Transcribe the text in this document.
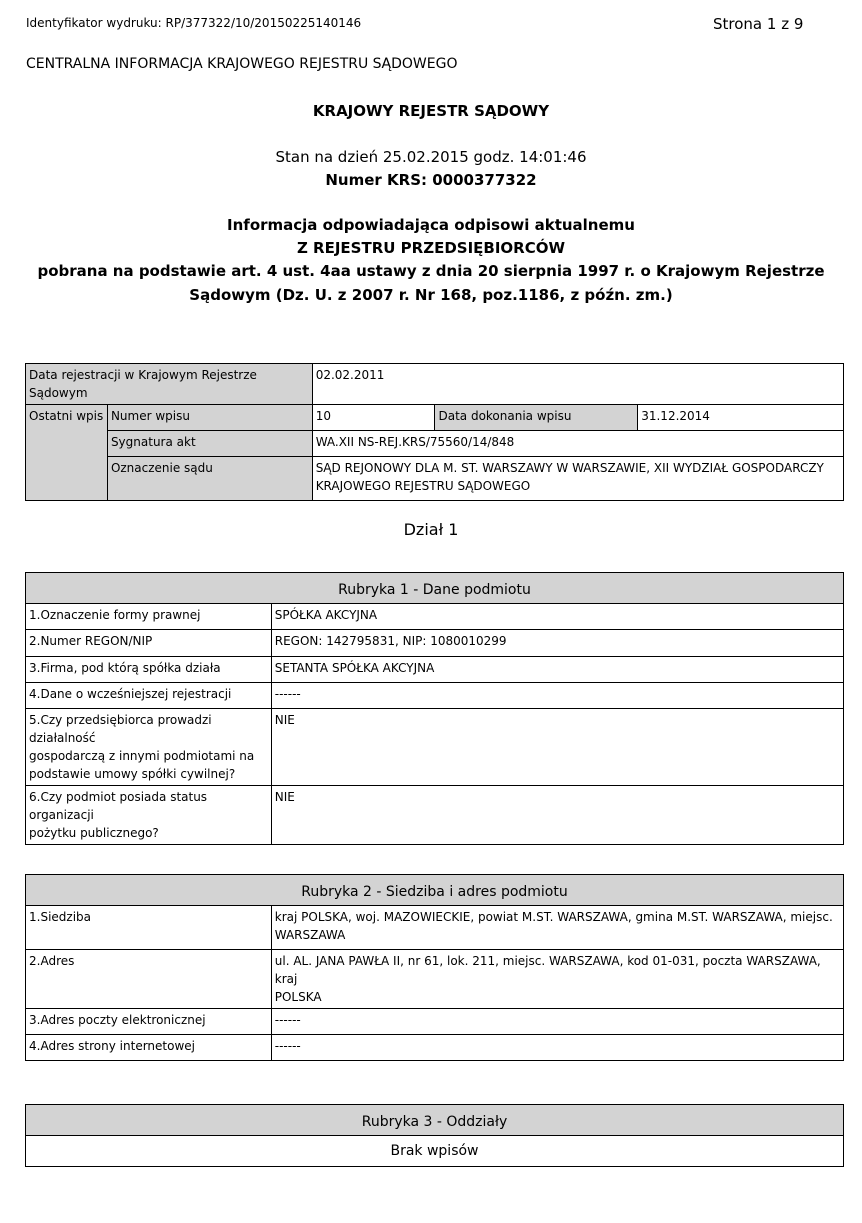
Identyfikator wydruku: RP/377322/10/20150225140146	Strona 1 z 9
CENTRALNA INFORMACJA KRAJOWEGO REJESTRU SĄDOWEGO
KRAJOWY REJESTR SĄDOWY
Stan na dzień 25.02.2015 godz. 14:01:46
Numer KRS: 0000377322
Informacja odpowiadająca odpisowi aktualnemu
Z REJESTRU PRZEDSIĘBIORCÓW
pobrana na podstawie art. 4 ust. 4aa ustawy z dnia 20 sierpnia 1997 r. o Krajowym Rejestrze
Sądowym (Dz. U. z 2007 r. Nr 168, poz.1186, z późn. zm.)
Data rejestracji w Krajowym Rejestrze Sądowym		02.02.2011		
Ostatni wpis	Numer wpisu	10	Data dokonania wpisu	31.12.2014
	Sygnatura akt	WA.XII NS-REJ.KRS/75560/14/848		
	Oznaczenie sądu	SĄD REJONOWY DLA M. ST. WARSZAWY W WARSZAWIE, XII WYDZIAŁ GOSPODARCZY
KRAJOWEGO REJESTRU SĄDOWEGO		
Dział 1
Rubryka 1 - Dane podmiotu	
1.Oznaczenie formy prawnej	SPÓŁKA AKCYJNA
2.Numer REGON/NIP	REGON: 142795831, NIP: 1080010299
3.Firma, pod którą spółka działa	SETANTA SPÓŁKA AKCYJNA
4.Dane o wcześniejszej rejestracji	------
5.Czy przedsiębiorca prowadzi działalność
gospodarczą z innymi podmiotami na
podstawie umowy spółki cywilnej?	NIE
6.Czy podmiot posiada status organizacji
pożytku publicznego?	NIE
Rubryka 2 - Siedziba i adres podmiotu	
1.Siedziba	kraj POLSKA, woj. MAZOWIECKIE, powiat M.ST. WARSZAWA, gmina M.ST. WARSZAWA, miejsc.
WARSZAWA
2.Adres	ul. AL. JANA PAWŁA II, nr 61, lok. 211, miejsc. WARSZAWA, kod 01-031, poczta WARSZAWA, kraj
POLSKA
3.Adres poczty elektronicznej	------
4.Adres strony internetowej	------
Rubryka 3 - Oddziały
Brak wpisów
